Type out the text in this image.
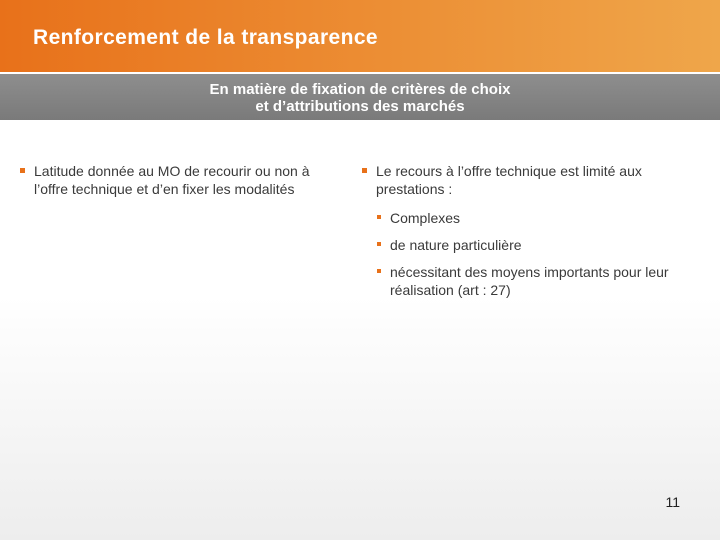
Renforcement de la transparence
En matière de fixation de critères de choix
et d’attributions des marchés
Latitude donnée au MO de recourir ou non à l’offre technique et d’en fixer les modalités
Le recours à l’offre technique est limité aux prestations :
Complexes
de nature particulière
nécessitant des moyens importants pour leur réalisation (art : 27)
11
